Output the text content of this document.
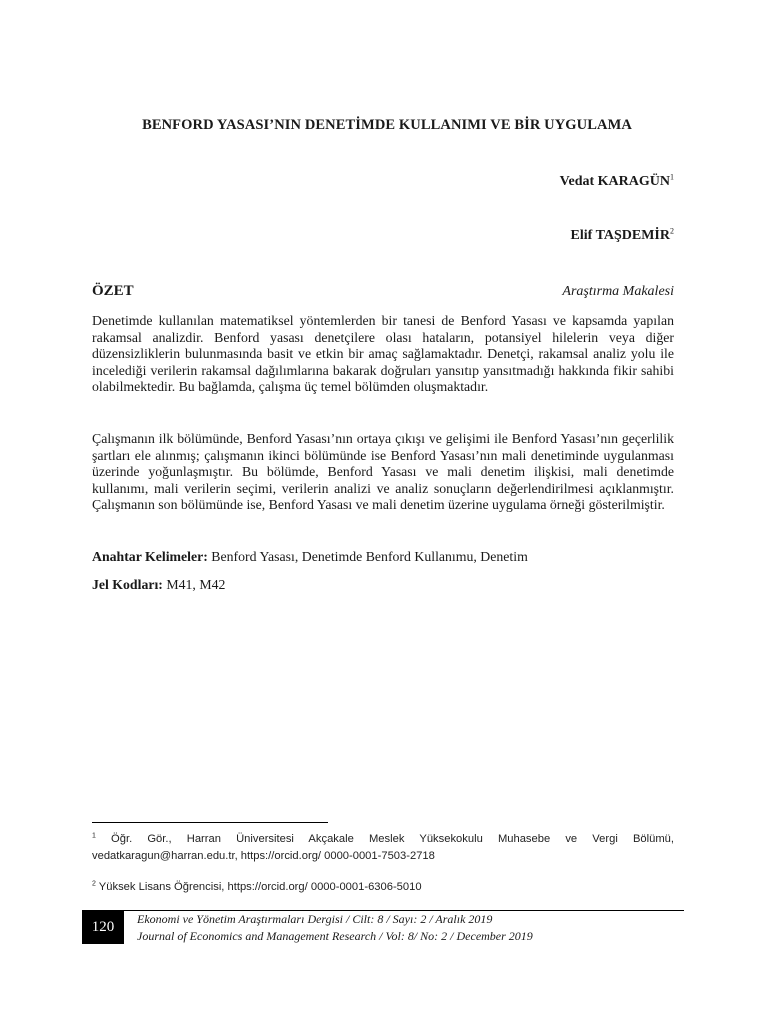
BENFORD YASASI’NIN DENETİMDE KULLANIMI VE BİR UYGULAMA
Vedat KARAGÜN$^1$
Elif TAŞDEMİR$^2$
ÖZET	Araştırma Makalesi

Denetimde kullanılan matematiksel yöntemlerden bir tanesi de Benford Yasası ve kapsamda yapılan rakamsal analizdir. Benford yasası denetçilere olası hataların, potansiyel hilelerin veya diğer düzensizliklerin bulunmasında basit ve etkin bir amaç sağlamaktadır. Denetçi, rakamsal analiz yolu ile incelediği verilerin rakamsal dağılımlarına bakarak doğruları yansıtıp yansıtmadığı hakkında fikir sahibi olabilmektedir. Bu bağlamda, çalışma üç temel bölümden oluşmaktadır.

Çalışmanın ilk bölümünde, Benford Yasası’nın ortaya çıkışı ve gelişimi ile Benford Yasası’nın geçerlilik şartları ele alınmış; çalışmanın ikinci bölümünde ise Benford Yasası’nın mali denetiminde uygulanması üzerinde yoğunlaşmıştır. Bu bölümde, Benford Yasası ve mali denetim ilişkisi, mali denetimde kullanımı, mali verilerin seçimi, verilerin analizi ve analiz sonuçların değerlendirilmesi açıklanmıştır. Çalışmanın son bölümünde ise, Benford Yasası ve mali denetim üzerine uygulama örneği gösterilmiştir.

Anahtar Kelimeler: Benford Yasası, Denetimde Benford Kullanımu, Denetim
Jel Kodları: M41, M42

$^1$ Öğr. Gör., Harran Üniversitesi Akçakale Meslek Yüksekokulu Muhasebe ve Vergi Bölümü, vedatkaragun@harran.edu.tr, https://orcid.org/ 0000-0001-7503-2718

$^2$ Yüksek Lisans Öğrencisi, https://orcid.org/ 0000-0001-6306-5010

120	Ekonomi ve Yönetim Araştırmaları Dergisi / Cilt: 8 / Sayı: 2 / Aralık 2019
Journal of Economics and Management Research / Vol: 8/ No: 2 / December 2019
